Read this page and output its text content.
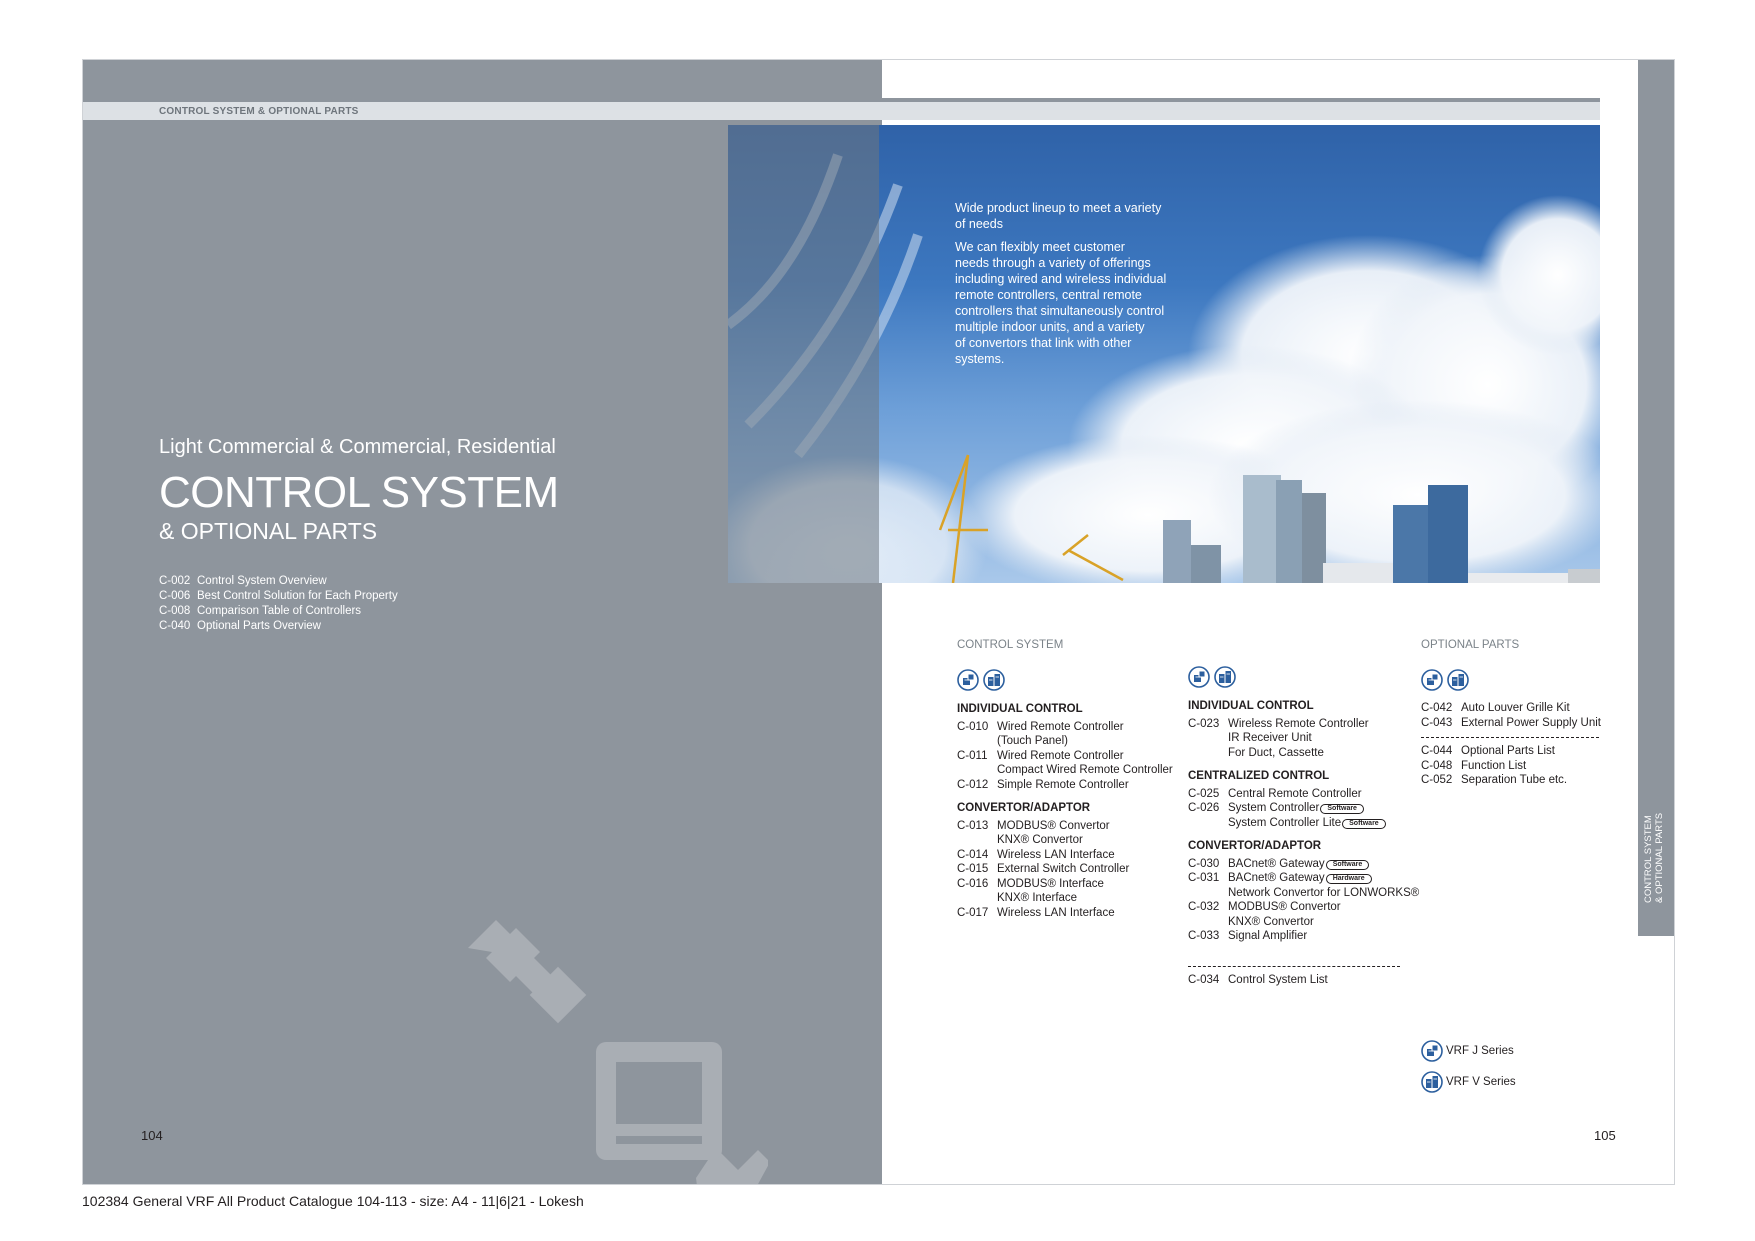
Light Commercial & Commercial, Residential
CONTROL SYSTEM
& OPTIONAL PARTS
C-002 Control System Overview
C-006 Best Control Solution for Each Property
C-008 Comparison Table of Controllers
C-040 Optional Parts Overview
104
CONTROL SYSTEM & OPTIONAL PARTS
Wide product lineup to meet a variety
of needs
We can flexibly meet customer
needs through a variety of offerings
including wired and wireless individual
remote controllers, central remote
controllers that simultaneously control
multiple indoor units, and a variety
of convertors that link with other
systems.
CONTROL SYSTEM & OPTIONAL PARTS
CONTROL SYSTEM	OPTIONAL PARTS
INDIVIDUAL CONTROL
C-010 Wired Remote Controller
(Touch Panel)
C-011 Wired Remote Controller
Compact Wired Remote Controller
C-012 Simple Remote Controller
CONVERTOR/ADAPTOR
C-013 MODBUS® Convertor
KNX® Convertor
C-014 Wireless LAN Interface
C-015 External Switch Controller
C-016 MODBUS® Interface
KNX® Interface
C-017 Wireless LAN Interface
INDIVIDUAL CONTROL
C-023 Wireless Remote Controller
IR Receiver Unit
For Duct, Cassette
CENTRALIZED CONTROL
C-025 Central Remote Controller
C-026 System Controller Software
System Controller Lite Software
CONVERTOR/ADAPTOR
C-030 BACnet® Gateway Software
C-031 BACnet® Gateway Hardware
Network Convertor for LONWORKS®
C-032 MODBUS® Convertor
KNX® Convertor
C-033 Signal Amplifier
C-034 Control System List
C-042 Auto Louver Grille Kit
C-043 External Power Supply Unit
C-044 Optional Parts List
C-048 Function List
C-052 Separation Tube etc.
VRF J Series
VRF V Series
105
102384 General VRF All Product Catalogue 104-113 - size: A4 - 11|6|21 - Lokesh
